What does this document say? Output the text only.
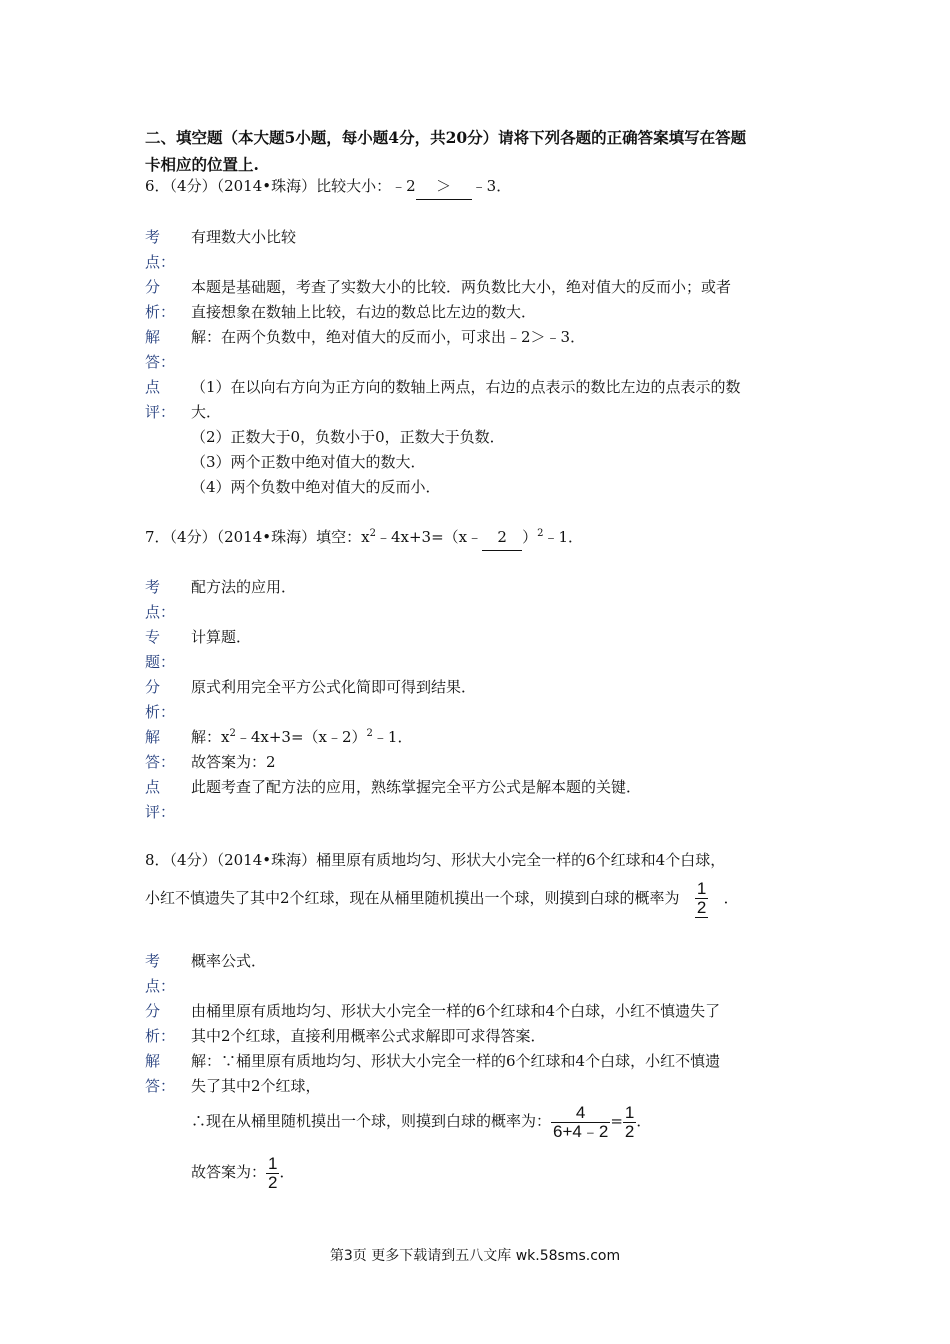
二、填空题（本大题5小题，每小题4分，共20分）请将下列各题的正确答案填写在答题
卡相应的位置上.
6．（4分）（2014•珠海）比较大小：﹣2 ＞ ﹣3．
考
点：
有理数大小比较
分
析：
本题是基础题，考查了实数大小的比较．两负数比大小，绝对值大的反而小；或者
直接想象在数轴上比较，右边的数总比左边的数大．
解
答：
解：在两个负数中，绝对值大的反而小，可求出﹣2＞﹣3．
点
评：
（1）在以向右方向为正方向的数轴上两点，右边的点表示的数比左边的点表示的数
大．
（2）正数大于0，负数小于0，正数大于负数．
（3）两个正数中绝对值大的数大．
（4）两个负数中绝对值大的反而小．
7．（4分）（2014•珠海）填空：$x^2﹣4x+3=(x﹣$ 2 ）$^2$﹣1．
考
点：
配方法的应用．
专
题：
计算题．
分
析：
原式利用完全平方公式化简即可得到结果．
解
答：
解：$x^2﹣4x+3=(x﹣2)^2﹣1$．
故答案为：2
点
评：
此题考查了配方法的应用，熟练掌握完全平方公式是解本题的关键．
8．（4分）（2014•珠海）桶里原有质地均匀、形状大小完全一样的6个红球和4个白球，
小红不慎遗失了其中2个红球，现在从桶里随机摸出一个球，则摸到白球的概率为 $\frac{1}{2}$ ．
考
点：
概率公式．
分
析：
由桶里原有质地均匀、形状大小完全一样的6个红球和4个白球，小红不慎遗失了
其中2个红球，直接利用概率公式求解即可求得答案．
解
答：
解：∵桶里原有质地均匀、形状大小完全一样的6个红球和4个白球，小红不慎遗
失了其中2个红球，
∴现在从桶里随机摸出一个球，则摸到白球的概率为： $\frac{4}{6+4﹣2} = \frac{1}{2}$ ．
故答案为： $\frac{1}{2}$ ．
第3页 更多下载请到五八文库 wk.58sms.com
